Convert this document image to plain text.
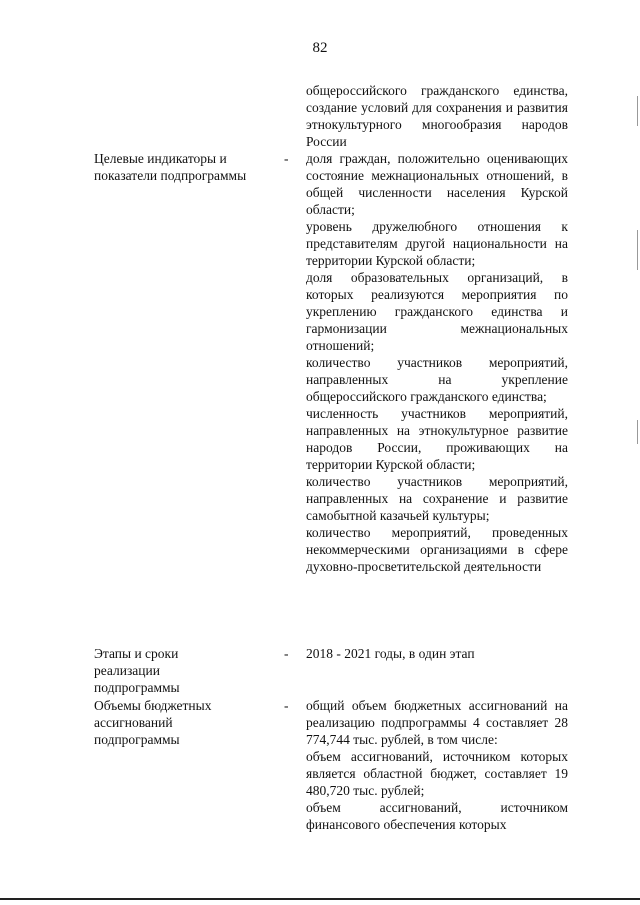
82

общероссийского гражданского единства, создание условий для сохранения и развития этнокультурного многообразия народов России

Целевые индикаторы и показатели подпрограммы
- доля граждан, положительно оценивающих состояние межнациональных отношений, в общей численности населения Курской области;

уровень дружелюбного отношения к представителям другой национальности на территории Курской области;

доля образовательных организаций, в которых реализуются мероприятия по укреплению гражданского единства и гармонизации межнациональных отношений;

количество участников мероприятий, направленных на укрепление общероссийского гражданского единства;

численность участников мероприятий, направленных на этнокультурное развитие народов России, проживающих на территории Курской области;

количество участников мероприятий, направленных на сохранение и развитие самобытной казачьей культуры;

количество мероприятий, проведенных некоммерческими организациями в сфере духовно-просветительской деятельности

Этапы и сроки реализации подпрограммы
- 2018 - 2021 годы, в один этап

Объемы бюджетных ассигнований подпрограммы
- общий объем бюджетных ассигнований на реализацию подпрограммы 4 составляет 28 774,744 тыс. рублей, в том числе:

объем ассигнований, источником которых является областной бюджет, составляет 19 480,720 тыс. рублей;

объем ассигнований, источником финансового обеспечения которых
